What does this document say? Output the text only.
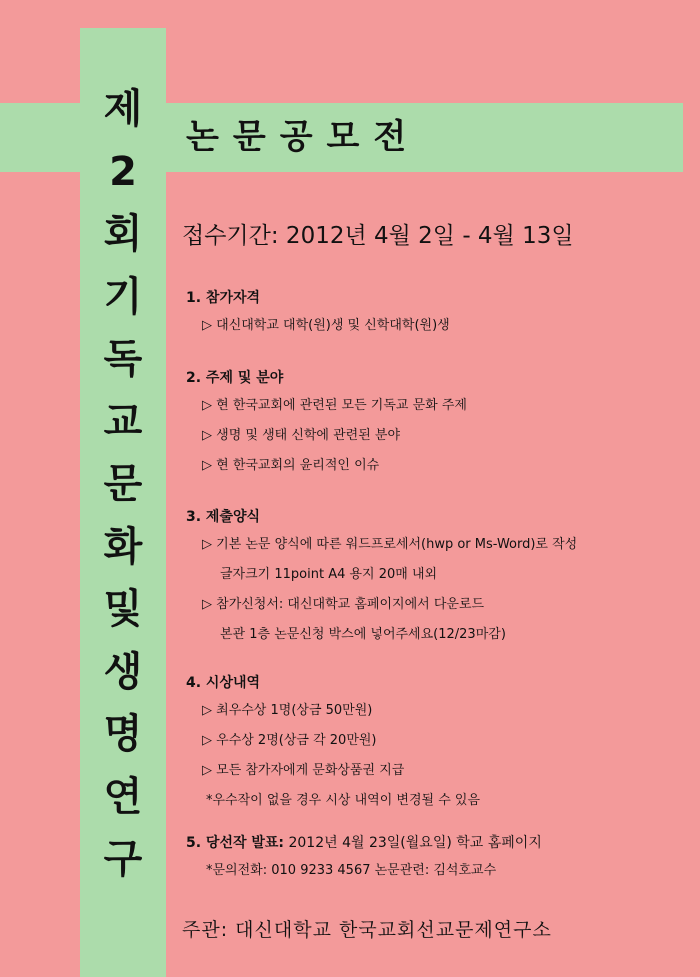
제
2
회
기
독
교
문
화
및
생
명
연
구
논문공모전
접수기간: 2012년 4월 2일 - 4월 13일
1. 참가자격
▷ 대신대학교 대학(원)생 및 신학대학(원)생
2. 주제 및 분야
▷ 현 한국교회에 관련된 모든 기독교 문화 주제
▷ 생명 및 생태 신학에 관련된 분야
▷ 현 한국교회의 윤리적인 이슈
3. 제출양식
▷ 기본 논문 양식에 따른 워드프로세서(hwp or Ms-Word)로 작성
글자크기 11point A4 용지 20매 내외
▷ 참가신청서: 대신대학교 홈페이지에서 다운로드
본관 1층 논문신청 박스에 넣어주세요(12/23마감)
4. 시상내역
▷ 최우수상 1명(상금 50만원)
▷ 우수상 2명(상금 각 20만원)
▷ 모든 참가자에게 문화상품권 지급
*우수작이 없을 경우 시상 내역이 변경될 수 있음
5. 당선작 발표: 2012년 4월 23일(월요일) 학교 홈페이지
*문의전화: 010 9233 4567 논문관련: 김석호교수
주관: 대신대학교 한국교회선교문제연구소
